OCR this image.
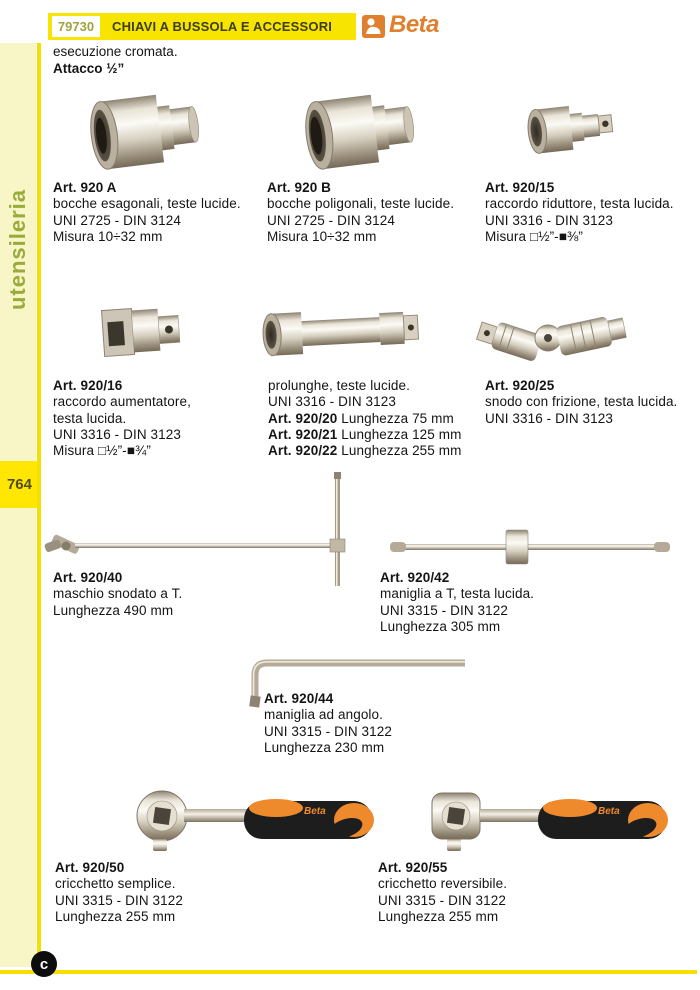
utensileria
764
c
79730 CHIAVI A BUSSOLA E ACCESSORI Beta
esecuzione cromata.
Attacco ½”
Art. 920 A
bocche esagonali, teste lucide.
UNI 2725 - DIN 3124
Misura 10÷32 mm
Art. 920 B
bocche poligonali, teste lucide.
UNI 2725 - DIN 3124
Misura 10÷32 mm
Art. 920/15
raccordo riduttore, testa lucida.
UNI 3316 - DIN 3123
Misura □½”-■⅜”
Art. 920/16
raccordo aumentatore,
testa lucida.
UNI 3316 - DIN 3123
Misura □½”-■¾”
prolunghe, teste lucide.
UNI 3316 - DIN 3123
Art. 920/20 Lunghezza 75 mm
Art. 920/21 Lunghezza 125 mm
Art. 920/22 Lunghezza 255 mm
Art. 920/25
snodo con frizione, testa lucida.
UNI 3316 - DIN 3123
Art. 920/40
maschio snodato a T.
Lunghezza 490 mm
Art. 920/42
maniglia a T, testa lucida.
UNI 3315 - DIN 3122
Lunghezza 305 mm
Art. 920/44
maniglia ad angolo.
UNI 3315 - DIN 3122
Lunghezza 230 mm
Beta	Beta
Art. 920/50
cricchetto semplice.
UNI 3315 - DIN 3122
Lunghezza 255 mm
Art. 920/55
cricchetto reversibile.
UNI 3315 - DIN 3122
Lunghezza 255 mm
